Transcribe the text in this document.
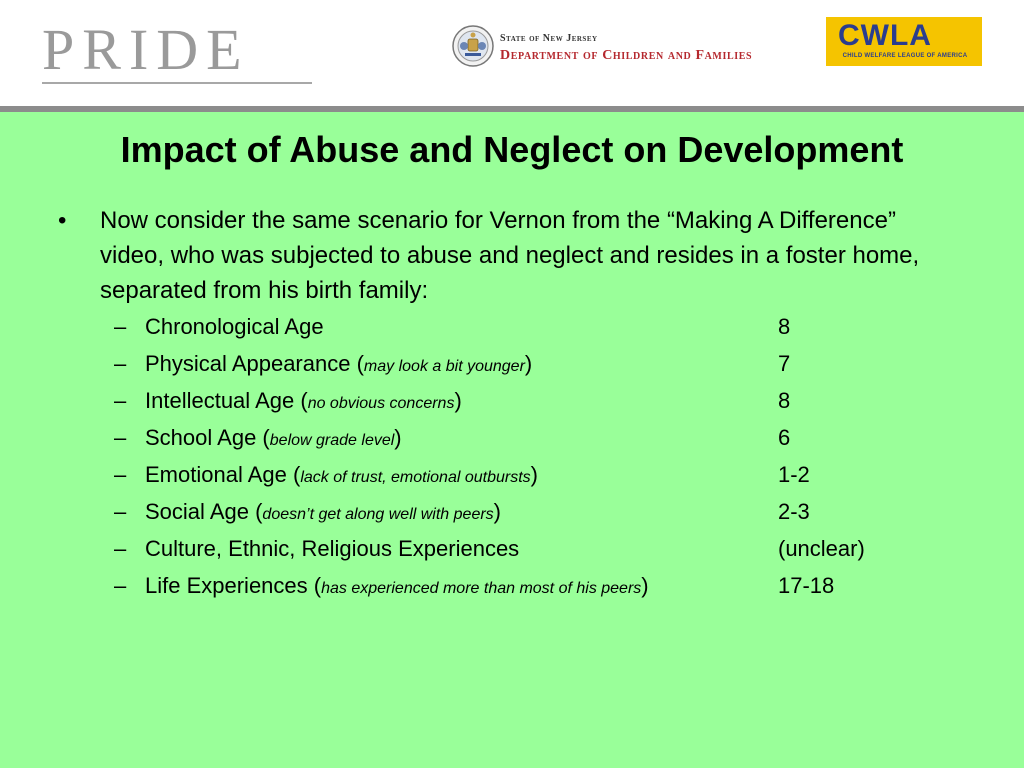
PRIDE	State of New Jersey
Department of Children and Families
CWLA
CHILD WELFARE LEAGUE OF AMERICA
Impact of Abuse and Neglect on Development
• Now consider the same scenario for Vernon from the “Making A Difference” video, who was subjected to abuse and neglect and resides in a foster home, separated from his birth family:
– Chronological Age	8
– Physical Appearance (may look a bit younger)	7
– Intellectual Age (no obvious concerns)	8
– School Age (below grade level)	6
– Emotional Age (lack of trust, emotional outbursts)	1-2
– Social Age (doesn’t get along well with peers)	2-3
– Culture, Ethnic, Religious Experiences	(unclear)
– Life Experiences (has experienced more than most of his peers)	17-18
